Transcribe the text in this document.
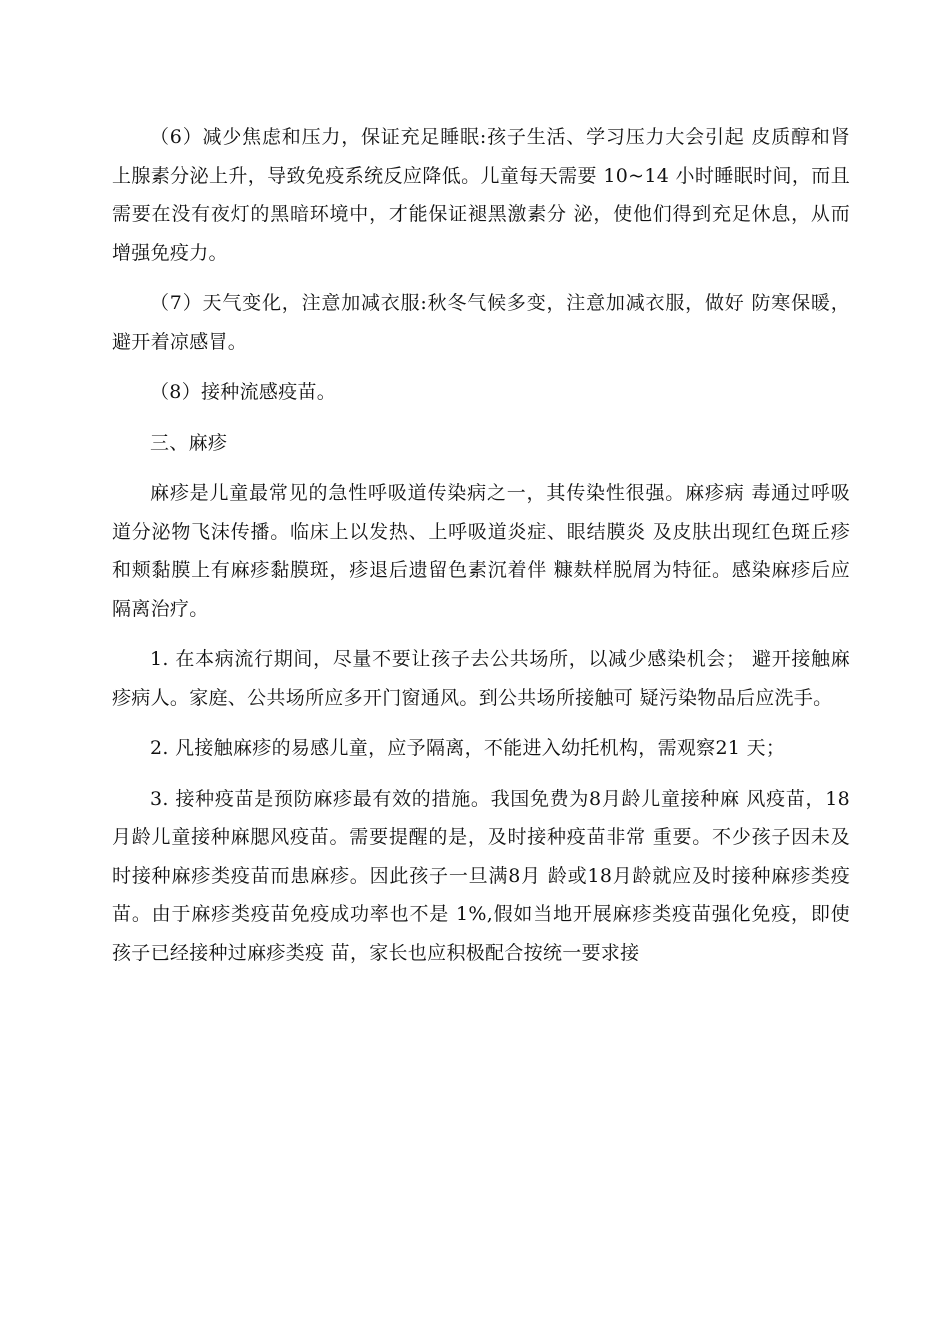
（6）减少焦虑和压力，保证充足睡眠:孩子生活、学习压力大会引起 皮质醇和肾上腺素分泌上升，导致免疫系统反应降低。儿童每天需要 10~14 小时睡眠时间，而且需要在没有夜灯的黑暗环境中，才能保证褪黑激素分 泌，使他们得到充足休息，从而增强免疫力。

（7）天气变化，注意加减衣服:秋冬气候多变，注意加减衣服，做好 防寒保暖，避开着凉感冒。

（8）接种流感疫苗。

三、麻疹

麻疹是儿童最常见的急性呼吸道传染病之一，其传染性很强。麻疹病 毒通过呼吸道分泌物飞沫传播。临床上以发热、上呼吸道炎症、眼结膜炎 及皮肤出现红色斑丘疹和颊黏膜上有麻疹黏膜斑，疹退后遗留色素沉着伴 糠麸样脱屑为特征。感染麻疹后应隔离治疗。

1. 在本病流行期间，尽量不要让孩子去公共场所，以减少感染机会； 避开接触麻疹病人。家庭、公共场所应多开门窗通风。到公共场所接触可 疑污染物品后应洗手。

2. 凡接触麻疹的易感儿童，应予隔离，不能进入幼托机构，需观察21 天；

3. 接种疫苗是预防麻疹最有效的措施。我国免费为8月龄儿童接种麻 风疫苗，18月龄儿童接种麻腮风疫苗。需要提醒的是，及时接种疫苗非常 重要。不少孩子因未及时接种麻疹类疫苗而患麻疹。因此孩子一旦满8月 龄或18月龄就应及时接种麻疹类疫苗。由于麻疹类疫苗免疫成功率也不是 1%,假如当地开展麻疹类疫苗强化免疫，即使孩子已经接种过麻疹类疫 苗，家长也应积极配合按统一要求接
